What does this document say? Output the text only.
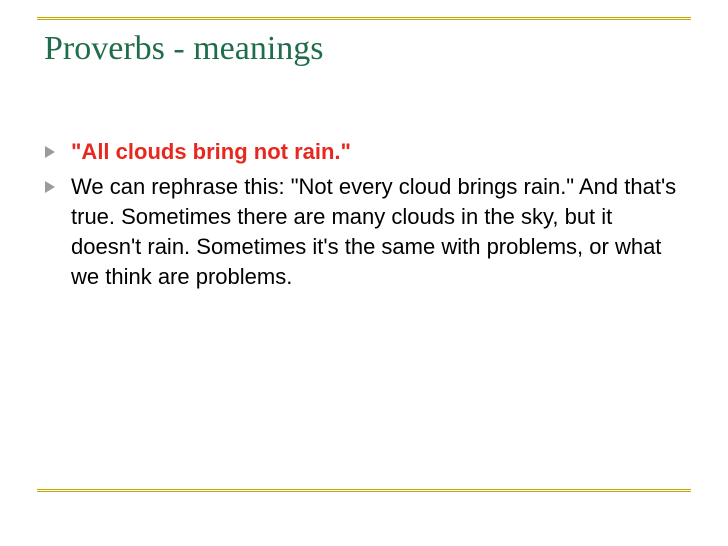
Proverbs - meanings
"All clouds bring not rain."
We can rephrase this: "Not every cloud brings rain." And that's true. Sometimes there are many clouds in the sky, but it doesn't rain. Sometimes it's the same with problems, or what we think are problems.
